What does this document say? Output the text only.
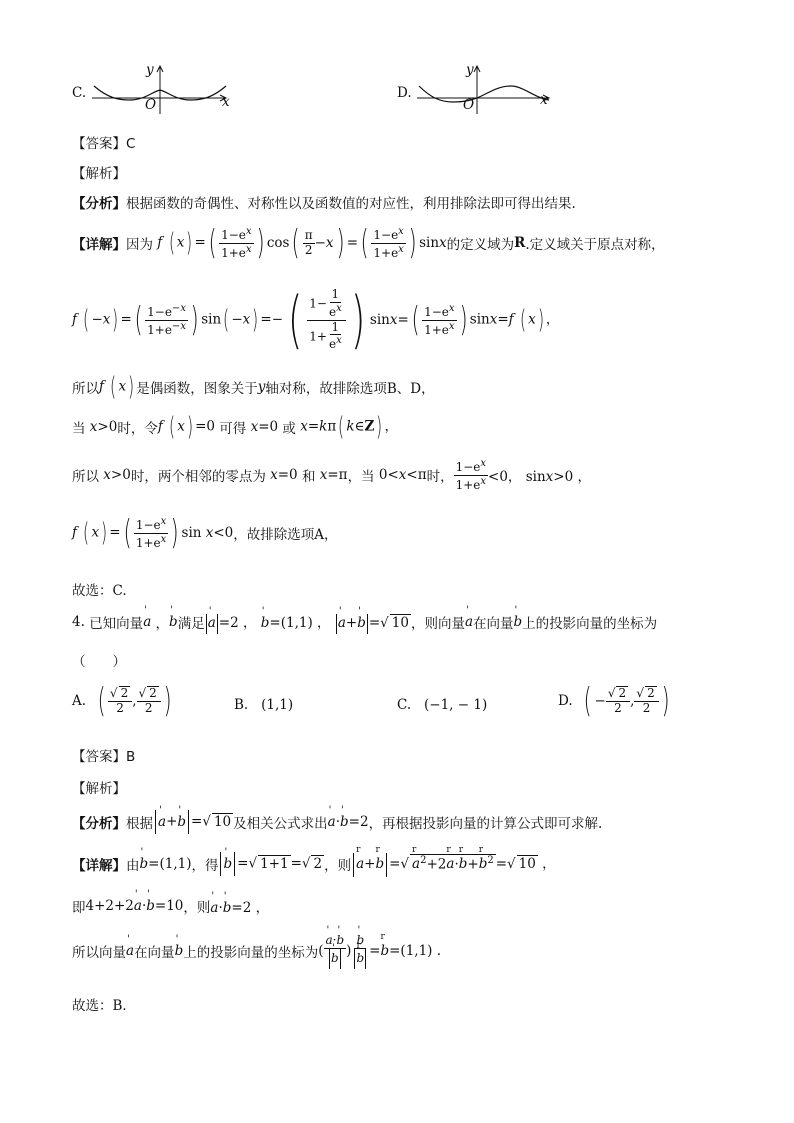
C.
y
x
O
D.
y
x
O
【答案】C
【解析】
【分析】根据函数的奇偶性、对称性以及函数值的对应性，利用排除法即可得出结果.
【详解】 因为 f ( x) = ( $\frac{1-e^x}{1+e^x}$ ) cos ( $\frac{\pi}{2} -x$ ) = ( $\frac{1-e^x}{1+e^x}$ ) sinx 的定义域为 R .定义域关于原点对称，
f ( −x) = ( $\frac{1-e^{-x}}{1+e^{-x}}$ ) sin( −x) =− ( $\frac{1- \frac{1}{e^x}}{1+ \frac{1}{e^x}}$ ) sinx= ( $\frac{1-e^x}{1+e^x}$ ) sinx=f ( x) ，
所以 f ( x) 是偶函数，图象关于 y 轴对称，故排除选项B、D，
当 x>0 时，令 f ( x) =0 可得 x=0 或 x=kπ( k∈Z) ，
所以 x>0 时，两个相邻的零点为 x=0 和 x=π ，当 0<x<π 时， $\frac{1-e^x}{1+e^x} <0$， sinx>0 ，
f ( x) = ( $\frac{1-e^x}{1+e^x}$ ) sin x<0 ，故排除选项A，
故选：C.
4.
已知向量 ' a ， ' b 满足 ' a =2 ， ' b=(1,1) ， ' a+' b =√ 10 ，则向量 ' a 在向量 ' b 上的投影向量的坐标为
（　　）
A.
( $\frac{√ 2}{2}$ , $\frac{√ 2}{2}$ )	B. (1,1)	C. (−1, − 1)	D.
( − $\frac{√ 2}{2}$ , $\frac{√ 2}{2}$ )
【答案】B
【解析】
【分析】 根据 ' a+' b =√ 10 及相关公式求出 ' a·' b=2 ，再根据投影向量的计算公式即可求解.
【详解】 由 ' b=(1,1) ，得 ' b =√ 1+1 =√ 2 ，则 r a+r b =√ r $a^2+2r$ a·r b+r $b^2$ =√ 10 ，
即 4+2+2' a·' b=10 ，则 ' a·' b=2 ，
所以向量 ' a 在向量 ' b 上的投影向量的坐标为 ( ' a·' b
' b ) ' b
r b =r b=(1,1) .
故选：B．
